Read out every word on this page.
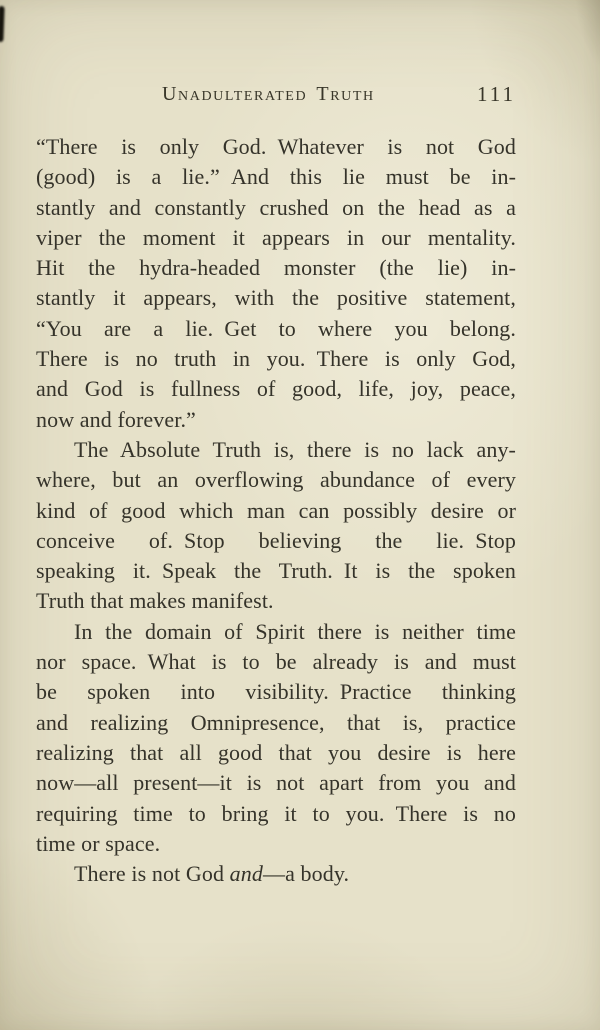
Unadulterated Truth	111
“There is only God. Whatever is not God
(good) is a lie.” And this lie must be in-
stantly and constantly crushed on the head as a
viper the moment it appears in our mentality.
Hit the hydra-headed monster (the lie) in-
stantly it appears, with the positive statement,
“You are a lie. Get to where you belong.
There is no truth in you. There is only God,
and God is fullness of good, life, joy, peace,
now and forever.”
The Absolute Truth is, there is no lack any-
where, but an overflowing abundance of every
kind of good which man can possibly desire or
conceive of. Stop believing the lie. Stop
speaking it. Speak the Truth. It is the spoken
Truth that makes manifest.
In the domain of Spirit there is neither time
nor space. What is to be already is and must
be spoken into visibility. Practice thinking
and realizing Omnipresence, that is, practice
realizing that all good that you desire is here
now—all present—it is not apart from you and
requiring time to bring it to you. There is no
time or space.
There is not God and—a body.
